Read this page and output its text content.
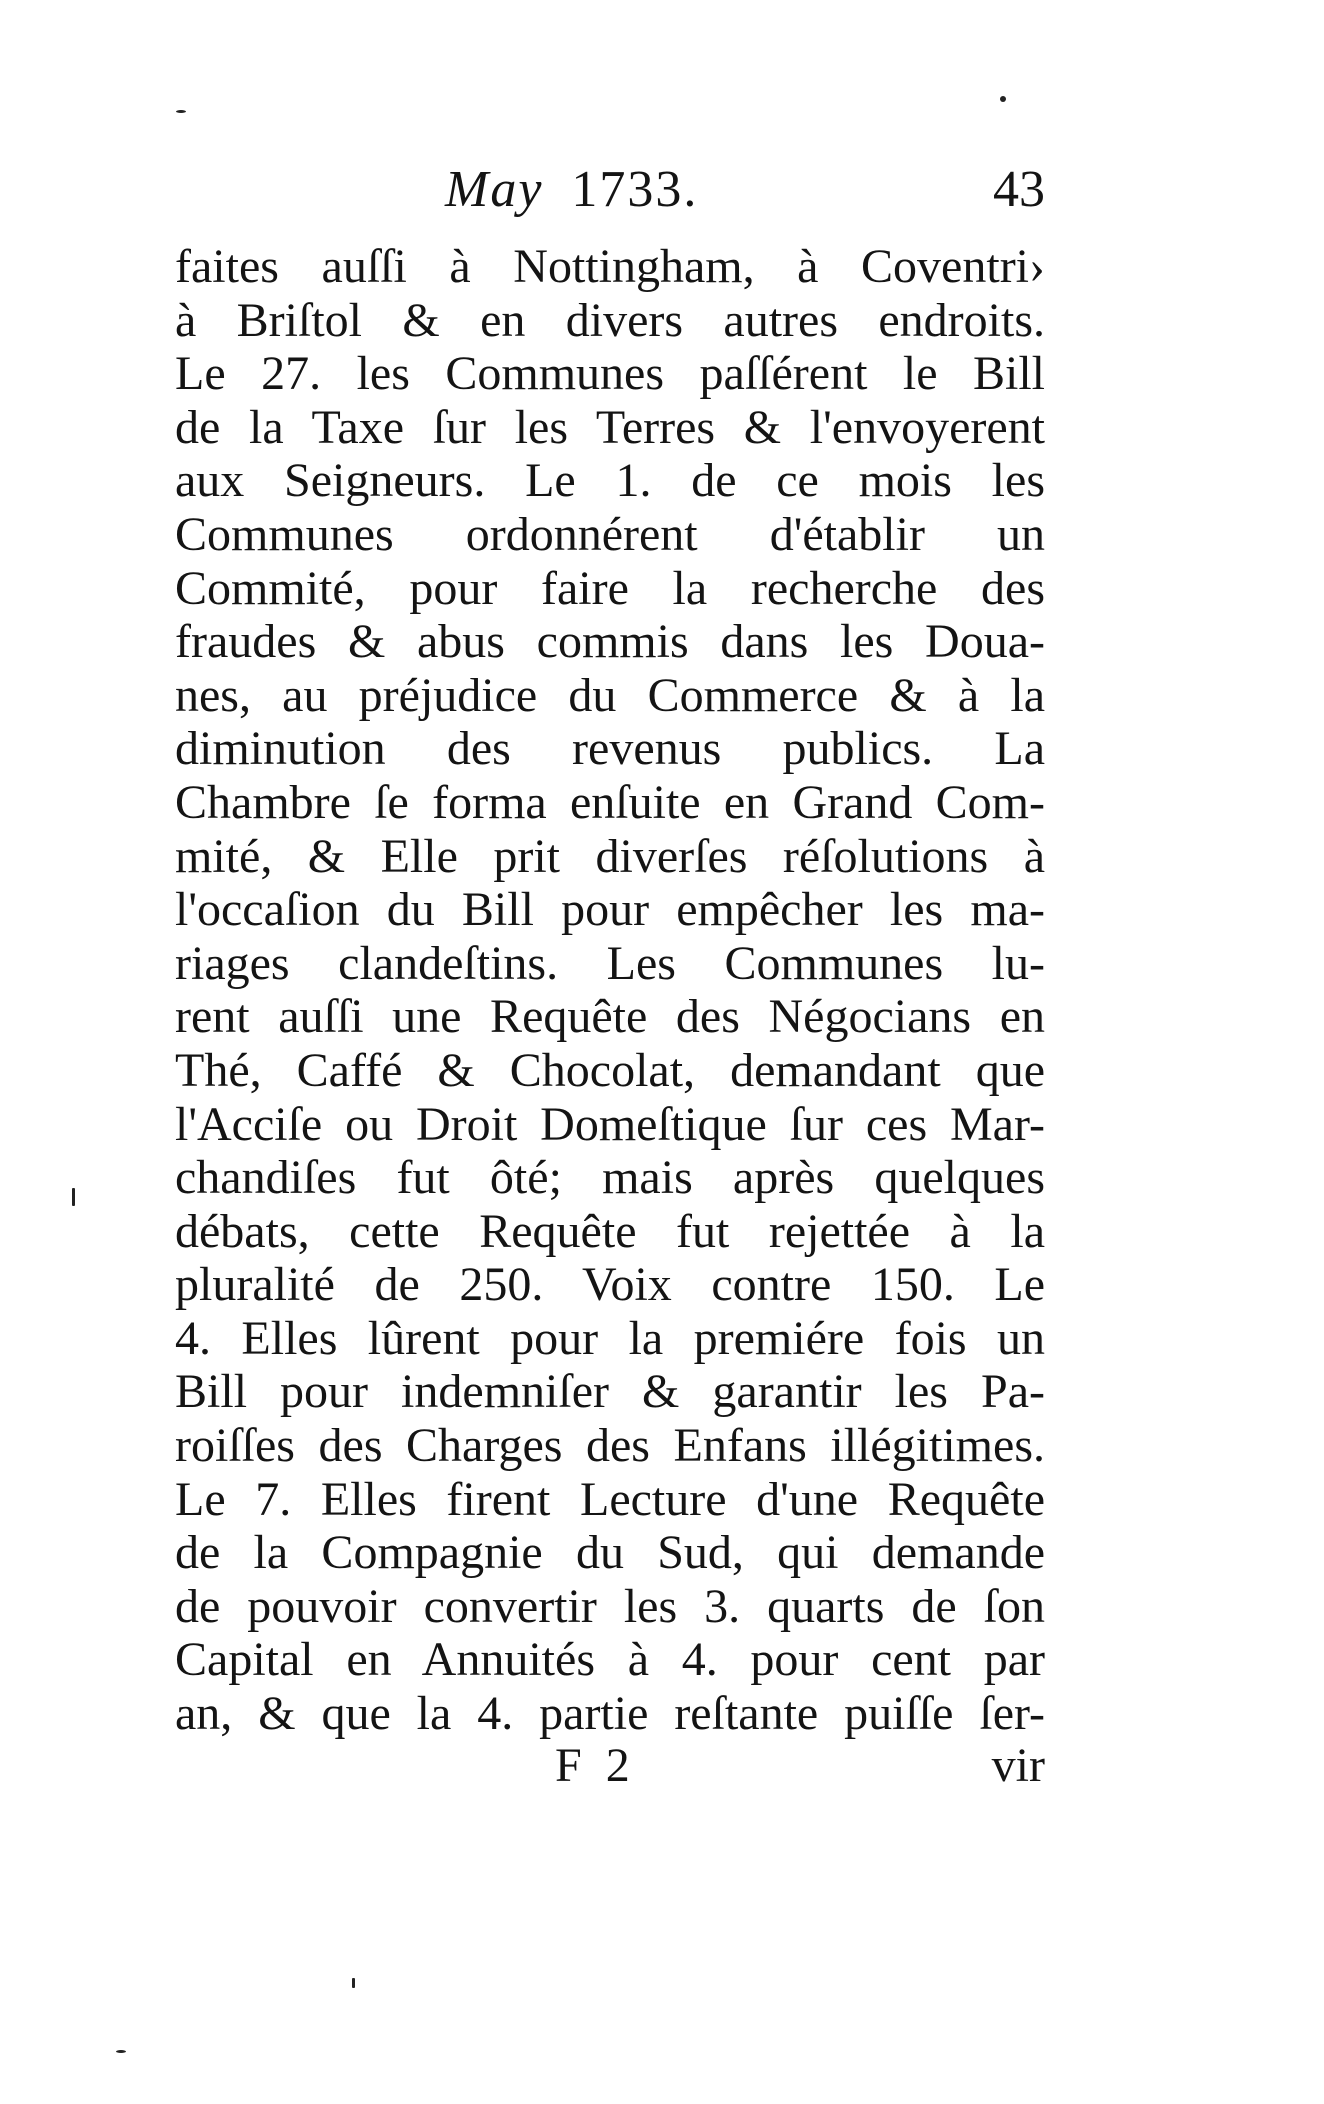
May 1733.	43
faites auſſi à Nottingham, à Coventri›
à Briſtol & en divers autres endroits.
Le 27. les Communes paſſérent le Bill
de la Taxe ſur les Terres & l'envoyerent
aux Seigneurs. Le 1. de ce mois les
Communes ordonnérent d'établir un
Commité, pour faire la recherche des
fraudes & abus commis dans les Doua-
nes, au préjudice du Commerce & à la
diminution des revenus publics. La
Chambre ſe forma enſuite en Grand Com-
mité, & Elle prit diverſes réſolutions à
l'occaſion du Bill pour empêcher les ma-
riages clandeſtins. Les Communes lu-
rent auſſi une Requête des Négocians en
Thé, Caffé & Chocolat, demandant que
l'Acciſe ou Droit Domeſtique ſur ces Mar-
chandiſes fut ôté; mais après quelques
débats, cette Requête fut rejettée à la
pluralité de 250. Voix contre 150. Le
4. Elles lûrent pour la premiére fois un
Bill pour indemniſer & garantir les Pa-
roiſſes des Charges des Enfans illégitimes.
Le 7. Elles firent Lecture d'une Requête
de la Compagnie du Sud, qui demande
de pouvoir convertir les 3. quarts de ſon
Capital en Annuités à 4. pour cent par
an, & que la 4. partie reſtante puiſſe ſer-
F 2	vir
